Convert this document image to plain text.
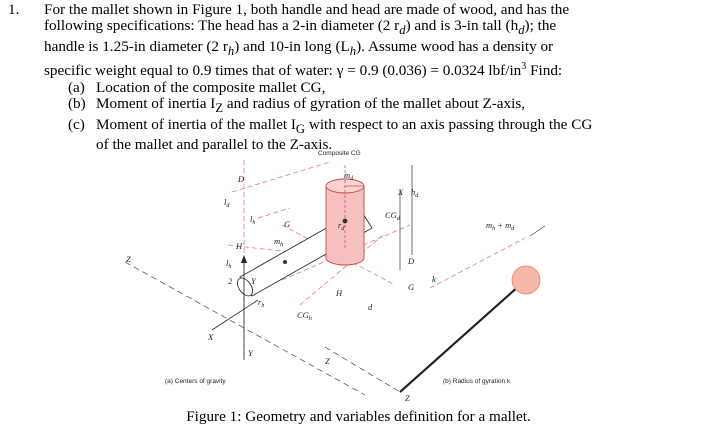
1. For the mallet shown in Figure 1, both handle and head are made of wood, and has the
following specifications: The head has a 2-in diameter (2 $r_d$) and is 3-in tall $(h_d)$; the
handle is 1.25-in diameter (2 $r_h$) and 10-in long $(L_h)$. Assume wood has a density or
specific weight equal to 0.9 times that of water: γ = 0.9 (0.036) = 0.0324 lbf/$in^3$ Find:
(a) Location of the composite mallet CG,
(b) Moment of inertia $I_Z$ and radius of gyration of the mallet about Z-axis,
(c) Moment of inertia of the mallet $I_G$ with respect to an axis passing through the CG
of the mallet and parallel to the Z-axis.
Composite CG
$m_d$
X $h_d$
D
$l_d$
$l_h$	G	$r_d$
$CG_d$
$m_h$
H
Z	$l_h$
2 Y
$r_h$
$CG_h$
H
d
D
G
X
Y
Z
k
$m_h + m_d$
Z
(a) Centers of gravity	(b) Radius of gyration k
Figure 1: Geometry and variables definition for a mallet.
